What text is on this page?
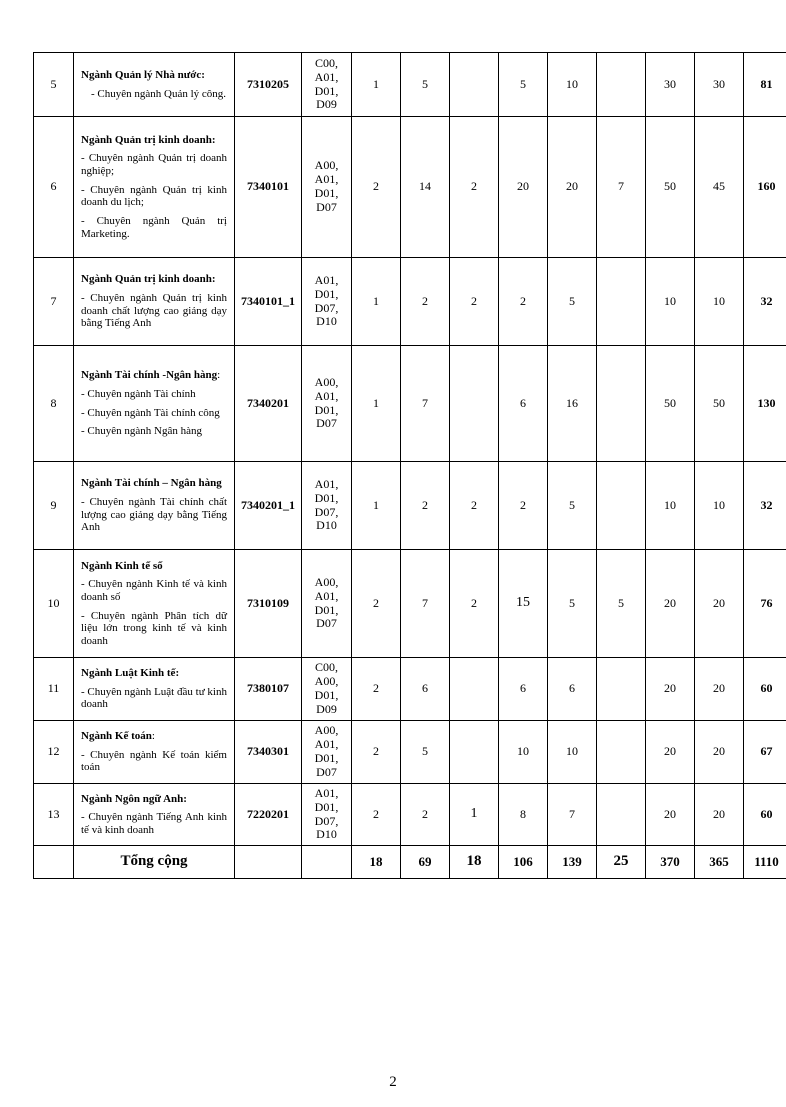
5	Ngành Quản lý Nhà nước:
- Chuyên ngành Quản lý công.	7310205	C00,
A01,
D01,
D09	1	5		5	10		30	30	81
6	Ngành Quản trị kinh doanh:
- Chuyên ngành Quản trị doanh nghiệp;
- Chuyên ngành Quản trị kinh doanh du lịch;
- Chuyên ngành Quản trị Marketing.	7340101	A00,
A01,
D01,
D07	2	14	2	20	20	7	50	45	160
7	Ngành Quản trị kinh doanh:
- Chuyên ngành Quản trị kinh doanh chất lượng cao giảng dạy bằng Tiếng Anh	7340101_1	A01,
D01,
D07,
D10	1	2	2	2	5		10	10	32
8	Ngành Tài chính -Ngân hàng:
- Chuyên ngành Tài chính
- Chuyên ngành Tài chính công
- Chuyên ngành Ngân hàng	7340201	A00,
A01,
D01,
D07	1	7		6	16		50	50	130
9	Ngành Tài chính – Ngân hàng
- Chuyên ngành Tài chính chất lượng cao giảng dạy bằng Tiếng Anh	7340201_1	A01,
D01,
D07,
D10	1	2	2	2	5		10	10	32
10	Ngành Kinh tế số
- Chuyên ngành Kinh tế và kinh doanh số
- Chuyên ngành Phân tích dữ liệu lớn trong kinh tế và kinh doanh	7310109	A00,
A01,
D01,
D07	2	7	2	15	5	5	20	20	76
11	Ngành Luật Kinh tế:
- Chuyên ngành Luật đầu tư kinh doanh	7380107	C00,
A00,
D01,
D09	2	6		6	6		20	20	60
12	Ngành Kế toán:
- Chuyên ngành Kế toán kiểm toán	7340301	A00,
A01,
D01,
D07	2	5		10	10		20	20	67
13	Ngành Ngôn ngữ Anh:
- Chuyên ngành Tiếng Anh kinh tế và kinh doanh	7220201	A01,
D01,
D07,
D10	2	2	1	8	7		20	20	60
	Tổng cộng			18	69	18	106	139	25	370	365	1110
2
